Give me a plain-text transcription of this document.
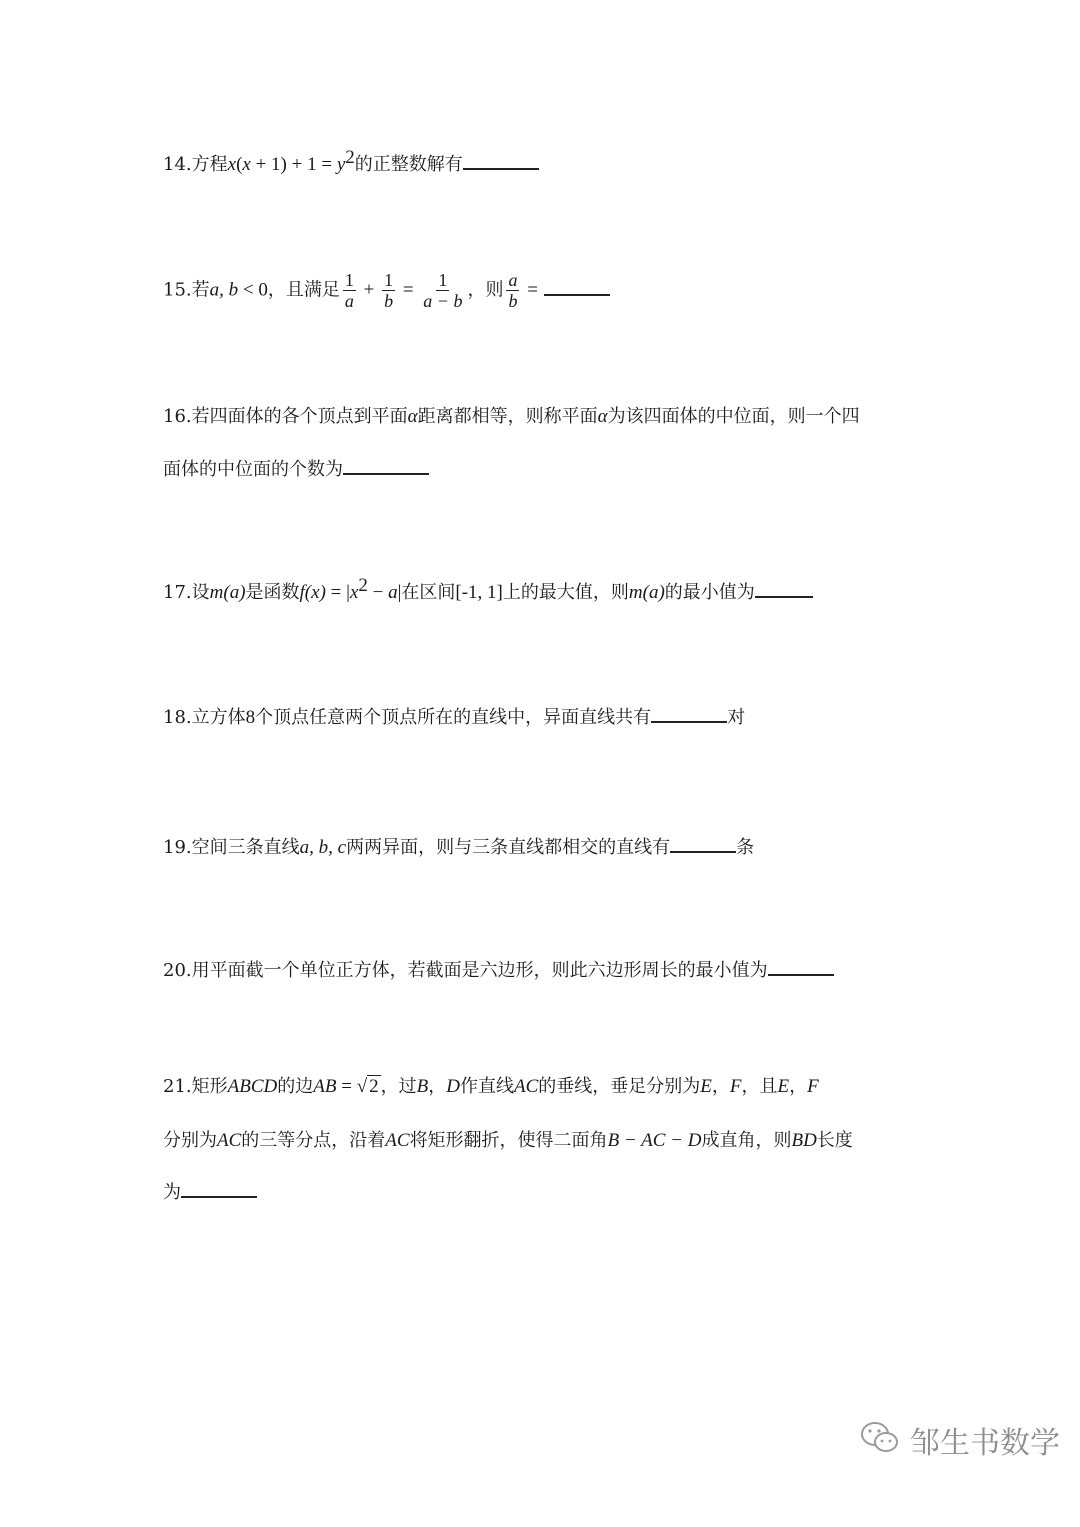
14.方程$x(x + 1) + 1 = y^2$的正整数解有
15.若a, b < 0，且满足 $\frac{1}{a} + \frac{1}{b} = \frac{1}{a - b}$ ，则 $\frac{a}{b}$ =
16.若四面体的各个顶点到平面α距离都相等，则称平面α为该四面体的中位面，则一个四
面体的中位面的个数为
17.设m(a)是函数$f(x) = |x^2 - a|$在区间[-1, 1]上的最大值，则m(a)的最小值为
18.立方体8个顶点任意两个顶点所在的直线中，异面直线共有	对
19.空间三条直线a, b, c两两异面，则与三条直线都相交的直线有	条
20.用平面截一个单位正方体，若截面是六边形，则此六边形周长的最小值为
21.矩形ABCD的边AB = √ 2 ，过B，D作直线AC的垂线，垂足分别为E，F，且E，F
分别为AC的三等分点，沿着AC将矩形翻折，使得二面角B − AC − D成直角，则BD长度
为
邹生书数学
